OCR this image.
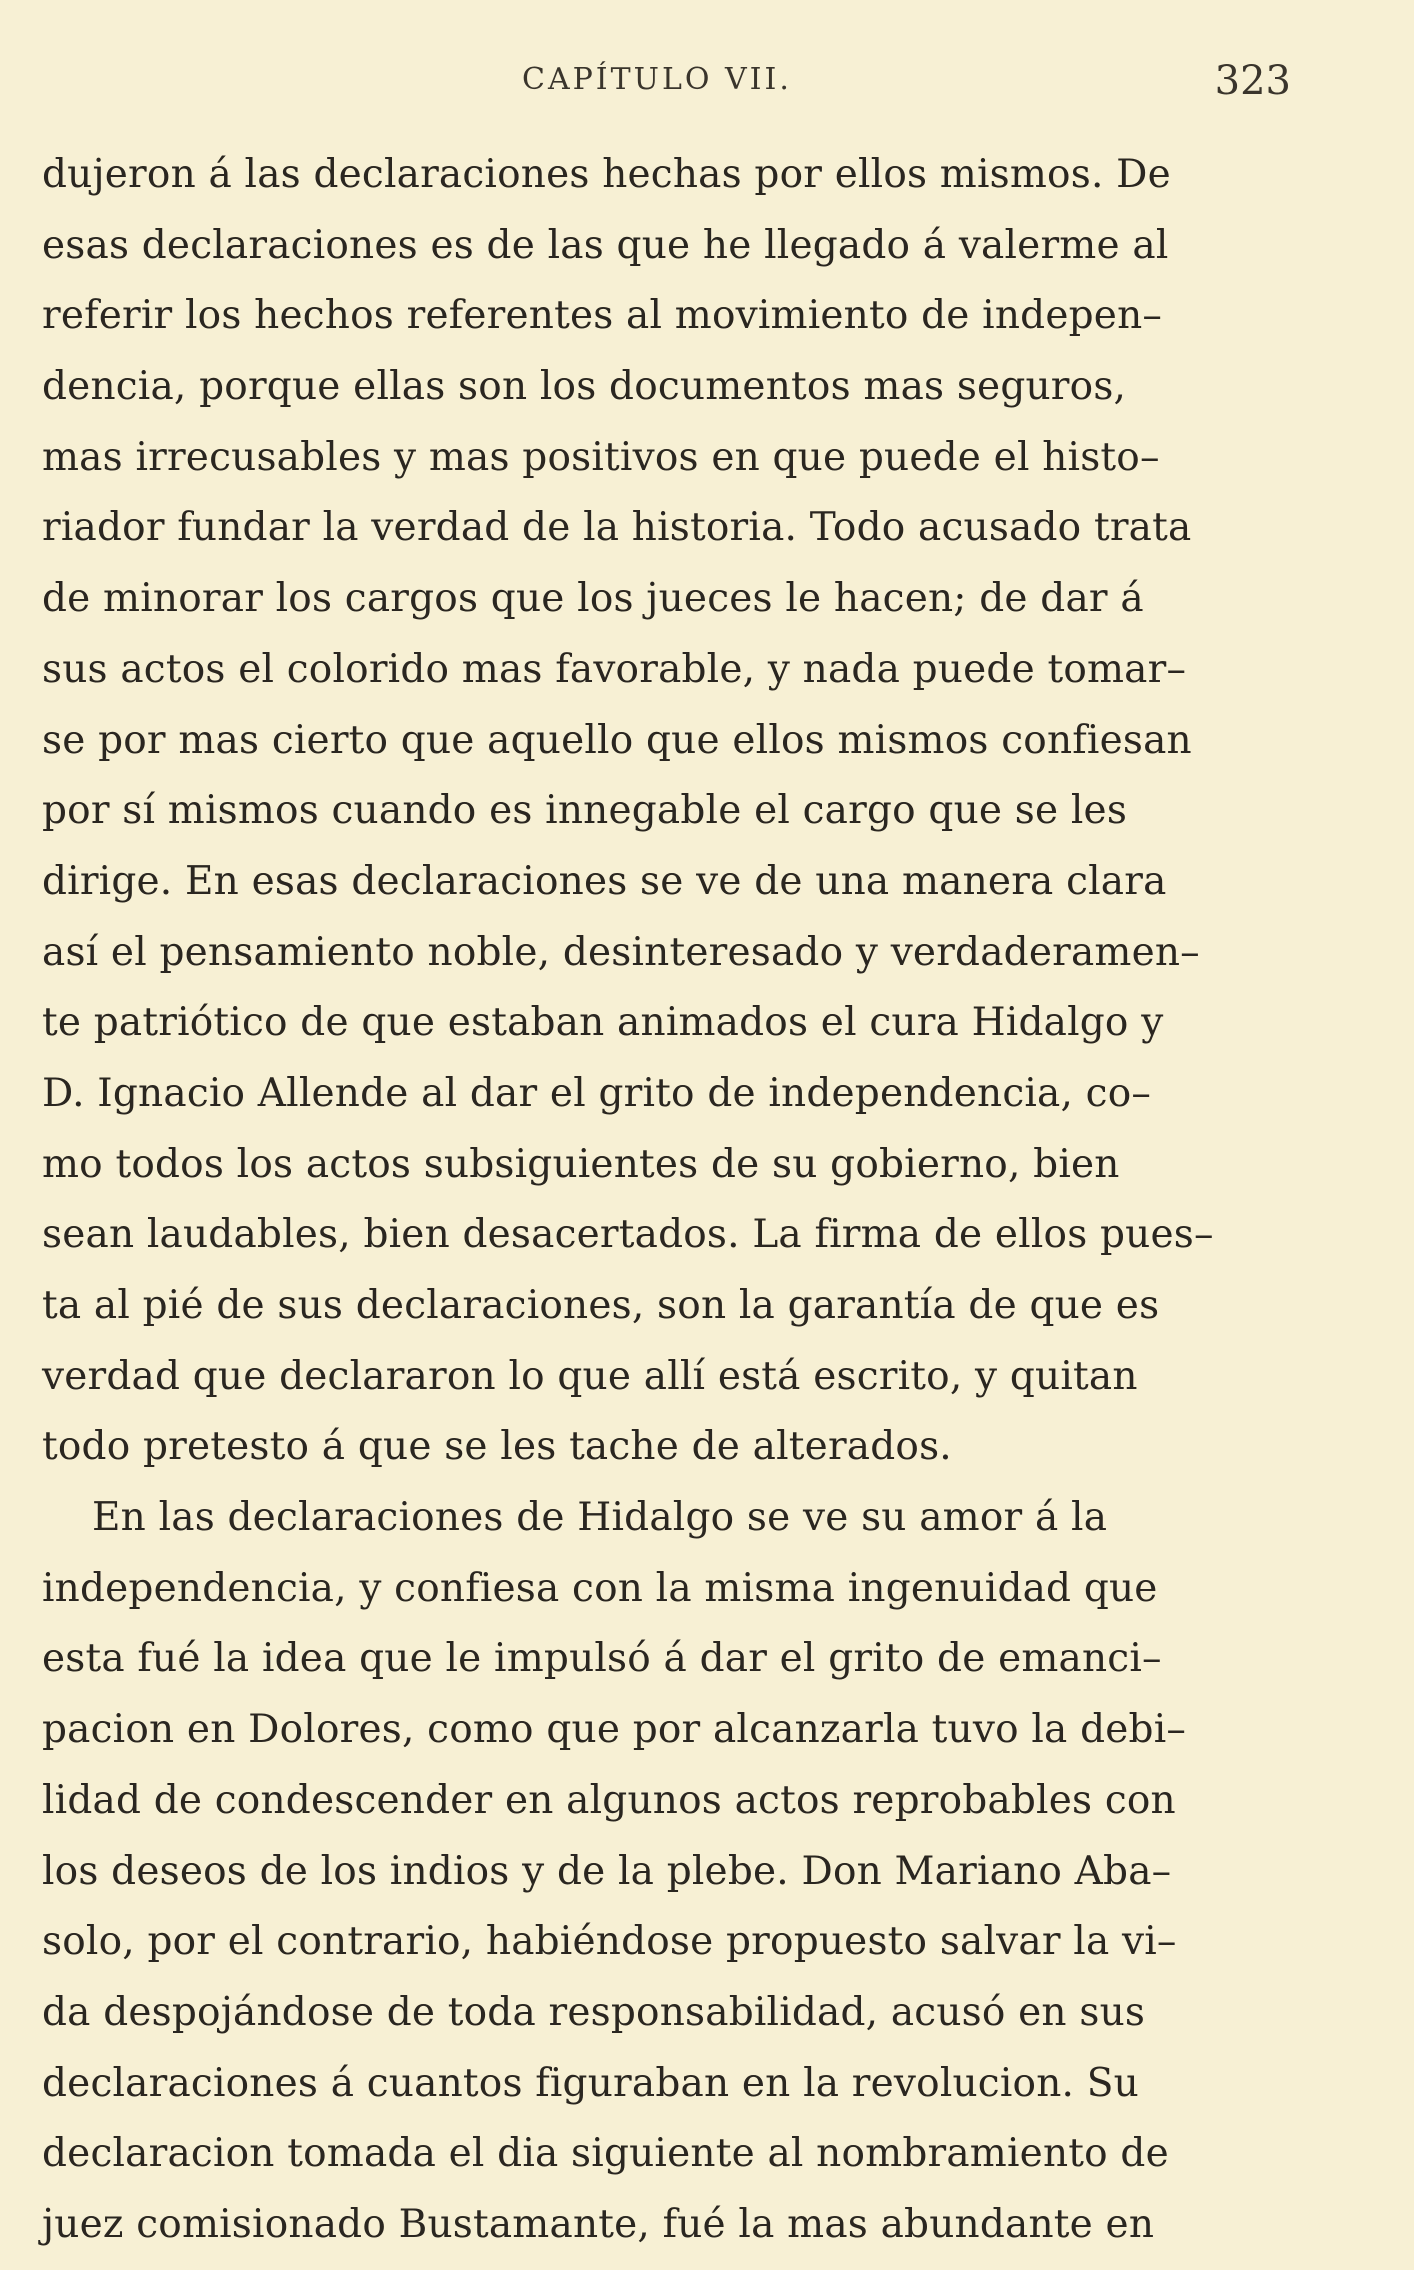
CAPÍTULO VII.	323
dujeron á las declaraciones hechas por ellos mismos. De
esas declaraciones es de las que he llegado á valerme al
referir los hechos referentes al movimiento de indepen–
dencia, porque ellas son los documentos mas seguros,
mas irrecusables y mas positivos en que puede el histo–
riador fundar la verdad de la historia. Todo acusado trata
de minorar los cargos que los jueces le hacen; de dar á
sus actos el colorido mas favorable, y nada puede tomar–
se por mas cierto que aquello que ellos mismos confiesan
por sí mismos cuando es innegable el cargo que se les
dirige. En esas declaraciones se ve de una manera clara
así el pensamiento noble, desinteresado y verdaderamen–
te patriótico de que estaban animados el cura Hidalgo y
D. Ignacio Allende al dar el grito de independencia, co–
mo todos los actos subsiguientes de su gobierno, bien
sean laudables, bien desacertados. La firma de ellos pues–
ta al pié de sus declaraciones, son la garantía de que es
verdad que declararon lo que allí está escrito, y quitan
todo pretesto á que se les tache de alterados.
En las declaraciones de Hidalgo se ve su amor á la
independencia, y confiesa con la misma ingenuidad que
esta fué la idea que le impulsó á dar el grito de emanci–
pacion en Dolores, como que por alcanzarla tuvo la debi–
lidad de condescender en algunos actos reprobables con
los deseos de los indios y de la plebe. Don Mariano Aba–
solo, por el contrario, habiéndose propuesto salvar la vi–
da despojándose de toda responsabilidad, acusó en sus
declaraciones á cuantos figuraban en la revolucion. Su
declaracion tomada el dia siguiente al nombramiento de
juez comisionado Bustamante, fué la mas abundante en
